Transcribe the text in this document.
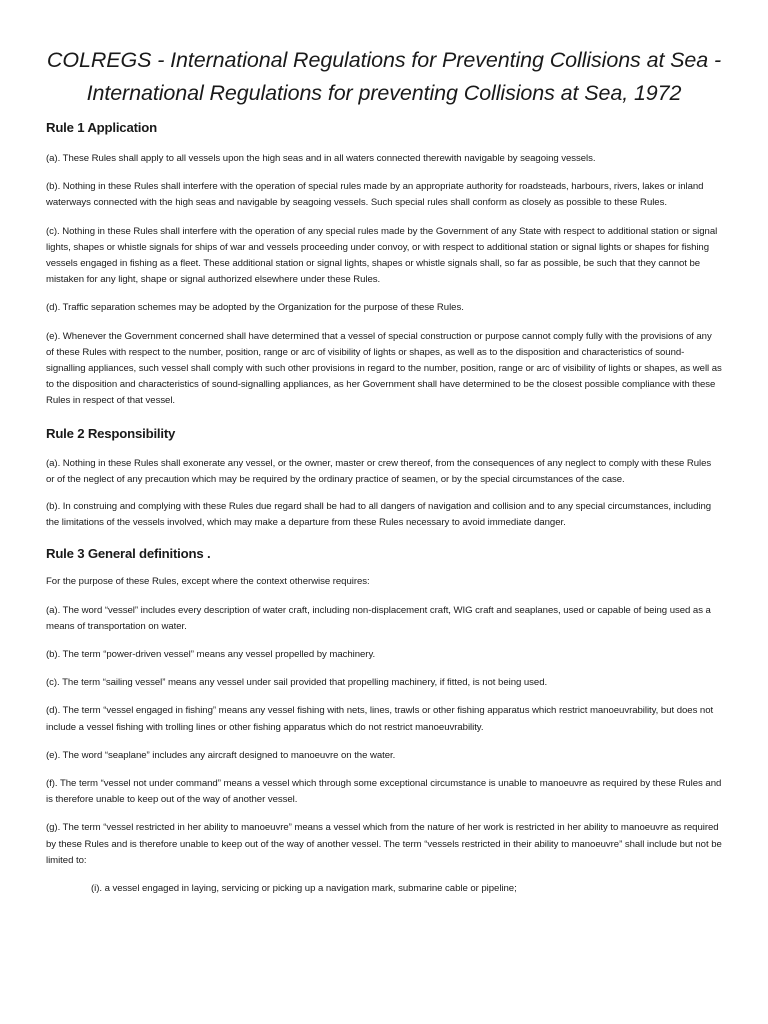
COLREGS - International Regulations for Preventing Collisions at Sea - International Regulations for preventing Collisions at Sea, 1972
Rule 1 Application

(a). These Rules shall apply to all vessels upon the high seas and in all waters connected therewith navigable by seagoing vessels.

(b). Nothing in these Rules shall interfere with the operation of special rules made by an appropriate authority for roadsteads, harbours, rivers, lakes or inland waterways connected with the high seas and navigable by seagoing vessels. Such special rules shall conform as closely as possible to these Rules.

(c). Nothing in these Rules shall interfere with the operation of any special rules made by the Government of any State with respect to additional station or signal lights, shapes or whistle signals for ships of war and vessels proceeding under convoy, or with respect to additional station or signal lights or shapes for fishing vessels engaged in fishing as a fleet. These additional station or signal lights, shapes or whistle signals shall, so far as possible, be such that they cannot be mistaken for any light, shape or signal authorized elsewhere under these Rules.

(d). Traffic separation schemes may be adopted by the Organization for the purpose of these Rules.

(e). Whenever the Government concerned shall have determined that a vessel of special construction or purpose cannot comply fully with the provisions of any of these Rules with respect to the number, position, range or arc of visibility of lights or shapes, as well as to the disposition and characteristics of sound-signalling appliances, such vessel shall comply with such other provisions in regard to the number, position, range or arc of visibility of lights or shapes, as well as to the disposition and characteristics of sound-signalling appliances, as her Government shall have determined to be the closest possible compliance with these Rules in respect of that vessel.

Rule 2 Responsibility

(a). Nothing in these Rules shall exonerate any vessel, or the owner, master or crew thereof, from the consequences of any neglect to comply with these Rules or of the neglect of any precaution which may be required by the ordinary practice of seamen, or by the special circumstances of the case.

(b). In construing and complying with these Rules due regard shall be had to all dangers of navigation and collision and to any special circumstances, including the limitations of the vessels involved, which may make a departure from these Rules necessary to avoid immediate danger.

Rule 3 General definitions .

For the purpose of these Rules, except where the context otherwise requires:

(a). The word “vessel” includes every description of water craft, including non-displacement craft, WIG craft and seaplanes, used or capable of being used as a means of transportation on water.

(b). The term “power-driven vessel” means any vessel propelled by machinery.

(c). The term “sailing vessel” means any vessel under sail provided that propelling machinery, if fitted, is not being used.

(d). The term “vessel engaged in fishing” means any vessel fishing with nets, lines, trawls or other fishing apparatus which restrict manoeuvrability, but does not include a vessel fishing with trolling lines or other fishing apparatus which do not restrict manoeuvrability.

(e). The word “seaplane” includes any aircraft designed to manoeuvre on the water.

(f). The term “vessel not under command” means a vessel which through some exceptional circumstance is unable to manoeuvre as required by these Rules and is therefore unable to keep out of the way of another vessel.

(g). The term “vessel restricted in her ability to manoeuvre” means a vessel which from the nature of her work is restricted in her ability to manoeuvre as required by these Rules and is therefore unable to keep out of the way of another vessel. The term “vessels restricted in their ability to manoeuvre” shall include but not be limited to:

(i). a vessel engaged in laying, servicing or picking up a navigation mark, submarine cable or pipeline;
